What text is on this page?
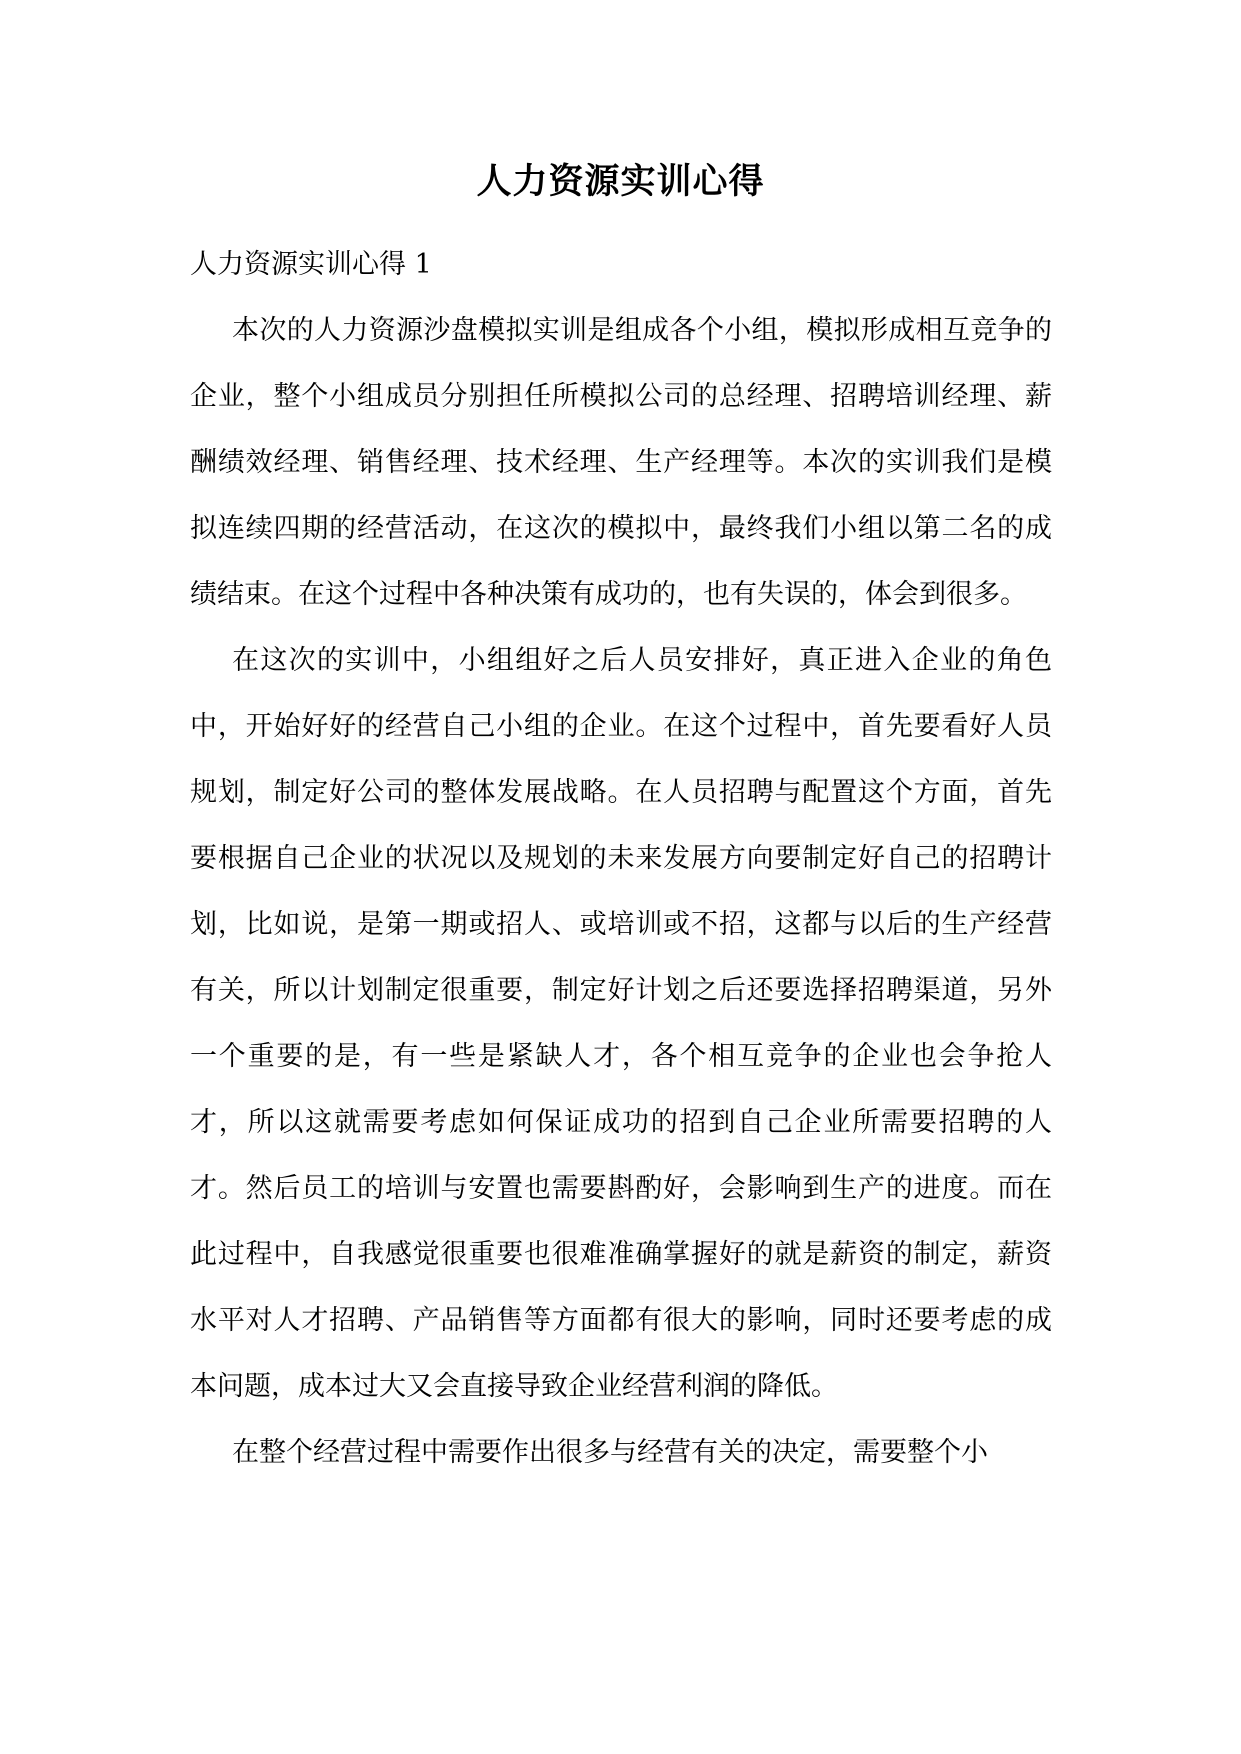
人力资源实训心得

人力资源实训心得 1

本次的人力资源沙盘模拟实训是组成各个小组，模拟形成相互竞争的企业，整个小组成员分别担任所模拟公司的总经理、招聘培训经理、薪酬绩效经理、销售经理、技术经理、生产经理等。本次的实训我们是模拟连续四期的经营活动，在这次的模拟中，最终我们小组以第二名的成绩结束。在这个过程中各种决策有成功的，也有失误的，体会到很多。

在这次的实训中，小组组好之后人员安排好，真正进入企业的角色中，开始好好的经营自己小组的企业。在这个过程中，首先要看好人员规划，制定好公司的整体发展战略。在人员招聘与配置这个方面，首先要根据自己企业的状况以及规划的未来发展方向要制定好自己的招聘计划，比如说，是第一期或招人、或培训或不招，这都与以后的生产经营有关，所以计划制定很重要，制定好计划之后还要选择招聘渠道，另外一个重要的是，有一些是紧缺人才，各个相互竞争的企业也会争抢人才，所以这就需要考虑如何保证成功的招到自己企业所需要招聘的人才。然后员工的培训与安置也需要斟酌好，会影响到生产的进度。而在此过程中，自我感觉很重要也很难准确掌握好的就是薪资的制定，薪资水平对人才招聘、产品销售等方面都有很大的影响，同时还要考虑的成本问题，成本过大又会直接导致企业经营利润的降低。

在整个经营过程中需要作出很多与经营有关的决定，需要整个小
